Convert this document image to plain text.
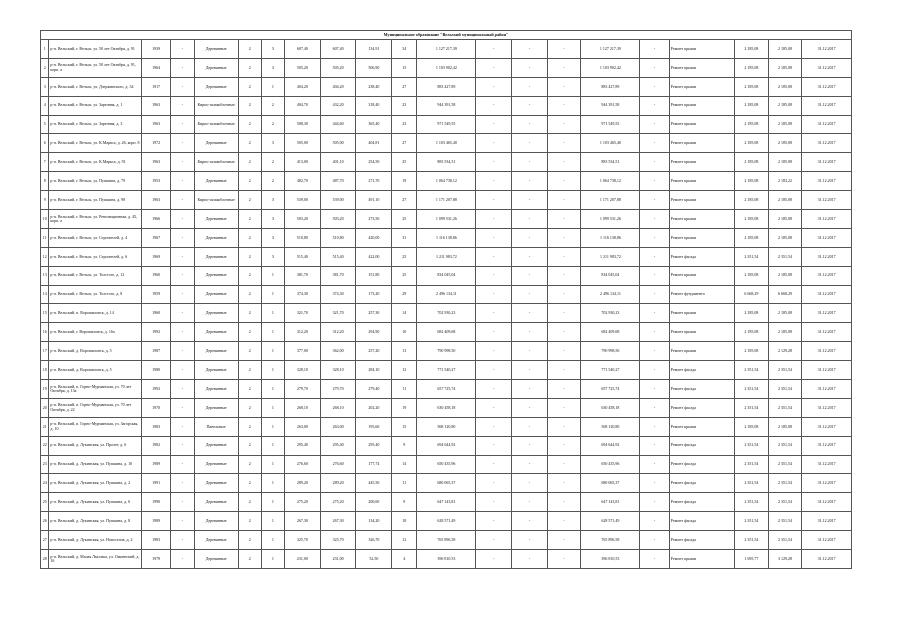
Муниципальное образование "Вельский муниципальный район"																				
1	р-п. Вельский, г. Вельск, ул. 50 лет Октября, д. 91	1939	-	Деревянные	2	3	607,40	607,40	134,91	34	1 127 217,39	-	-	-	1 127 217,39	-	Ремонт крыши	2 185,08	2 185,08	31.12.2017
2	р-п. Вельский, г. Вельск, ул. 50 лет Октября, д. 91, корп. а	1964	-	Деревянные	2	3	505,20	505,20	506,90	15	1 103 902,42	-	-	-	1 103 902,42	-	Ремонт крыши	2 185,08	2 185,08	31.12.2017
3	р-п. Вельский, г. Вельск, ул. Дзержинского, д. 34	1917	-	Деревянные	2	1	404,20	404,20	238,40	27	883 427,89	-	-	-	883 427,89	-	Ремонт крыши	2 185,08	2 185,08	31.12.2017
4	р-п. Вельский, г. Вельск, ул. Заречная, д. 1	1963	-	Кирпо-шлакоблочные	2	2	404,70	432,20	318,40	23	944 391,58	-	-	-	944 391,58	-	Ремонт крыши	2 185,08	2 185,08	31.12.2017
5	р-п. Вельский, г. Вельск, ул. Заречная, д. 3	1963	-	Кирпо-шлакоблочные	2	2	508,30	444,60	365,40	23	971 549,55	-	-	-	971 549,55	-	Ремонт крыши	2 185,08	2 185,08	31.12.2017
6	р-п. Вельский, г. Вельск, ул. К.Маркса, д. 26, корп. 8	1972	-	Деревянные	2	3	505,00	505,00	404,81	27	1 103 465,40	-	-	-	1 103 465,40	-	Ремонт крыши	2 185,08	2 185,08	31.12.2017
7	р-п. Вельский, г. Вельск, ул. К.Маркса, д. 91	1963	-	Кирпо-шлакоблочные	2	2	413,00	401,10	254,50	25	883 534,51	-	-	-	883 534,51	-	Ремонт крыши	2 185,08	2 185,08	31.12.2017
8	р-п. Вельский, г. Вельск, ул. Пушкина, д. 79	1953	-	Деревянные	2	2	482,70	487,70	271,70	19	1 064 738,12	-	-	-	1 064 738,12	-	Ремонт крыши	2 185,08	2 183,22	31.12.2017
9	р-п. Вельский, г. Вельск, ул. Пушкина, д. 98	1963	-	Кирпо-шлакоблочные	2	3	539,00	539,00	491,10	27	1 171 207,88	-	-	-	1 171 207,88	-	Ремонт крыши	2 185,08	2 185,08	31.12.2017
10	р-п. Вельский, г. Вельск, ул. Революционная, д. 45, корп. а	1966	-	Деревянные	2	3	503,20	503,20	273,50	25	1 099 531,26	-	-	-	1 099 531,26	-	Ремонт крыши	2 185,08	2 185,08	31.12.2017
11	р-п. Вельский, г. Вельск, ул. Строителей, д. 4	1967	-	Деревянные	2	3	510,80	510,80	420,00	31	1 116 138,86	-	-	-	1 116 138,86	-	Ремонт крыши	2 185,08	2 185,08	31.12.2017
12	р-п. Вельский, г. Вельск, ул. Строителей, д. 6	1969	-	Деревянные	2	3	515,40	515,40	422,00	25	1 211 983,72	-	-	-	1 211 983,72	-	Ремонт фасада	2 351,54	2 351,54	31.12.2017
13	р-п. Вельский, г. Вельск, ул. Толстого, д. 12	1960	-	Деревянные	2	1	381,70	381,70	151,80	25	834 045,04	-	-	-	834 045,04	-	Ремонт крыши	2 185,08	2 185,08	31.12.2017
14	р-п. Вельский, г. Вельск, ул. Толстого, д. 8	1959	-	Деревянные	2	1	374,30	374,30	173,20	29	2 496 134,11	-	-	-	2 496 134,11	-	Ремонт фундамента	6 668,29	6 668,29	31.12.2017
15	р-п. Вельский, п. Ворошиловск, д. 14	1960	-	Деревянные	2	1	321,70	321,70	257,30	14	702 930,23	-	-	-	702 930,23	-	Ремонт крыши	2 185,08	2 185,08	31.12.2017
16	р-п. Вельский, г. Ворошиловск, д. 16а	1992	-	Деревянные	2	1	312,20	312,20	294,90	10	682 409,68	-	-	-	682 409,68	-	Ремонт крыши	2 185,08	2 185,08	31.12.2017
17	р-п. Вельский, д. Ворошиловск, д. 5	1987	-	Деревянные	2	1	377,00	362,00	257,20	13	790 998,50	-	-	-	790 998,50	-	Ремонт крыши	2 185,08	2 129,28	31.12.2017
18	р-п. Вельский, д. Ворошиловск, д. 5	1980	-	Деревянные	2	1	328,10	328,10	284,10	12	771 540,27	-	-	-	771 540,27	-	Ремонт фасада	2 351,54	2 351,54	31.12.2017
19	р-п. Вельский, п. Горно-Мурманская, ул. 70 лет Октября, д. 13а	1992	-	Деревянные	2	1	279,70	279,70	279,40	11	657 725,74	-	-	-	657 725,74	-	Ремонт фасада	2 351,54	2 351,54	31.12.2017
20	р-п. Вельский, п. Горно-Мурманская, ул. 70 лет Октября, д. 22	1970	-	Деревянные	2	1	268,10	268,10	202,20	19	630 458,18	-	-	-	630 458,18	-	Ремонт фасада	2 351,54	2 351,54	31.12.2017
21	р-п. Вельский, п. Горно-Мурманская, ул. Загорская, д. 10	1983	-	Панельные	2	1	263,00	263,00	195,60	15	568 120,80	-	-	-	568 120,80	-	Ремонт крыши	2 185,08	2 185,08	31.12.2017
22	р-п. Вельский, д. Лукинская, ул. Пролет, д. 6	1982	-	Деревянные	2	1	295,40	295,40	295,40	9	694 644,92	-	-	-	694 644,92	-	Ремонт фасада	2 351,54	2 351,54	31.12.2017
23	р-п. Вельский, д. Лукинская, ул. Пушкина, д. 10	1989	-	Деревянные	2	1	276,60	276,60	177,74	14	650 435,96	-	-	-	650 435,96	-	Ремонт фасада	2 351,54	2 351,54	31.12.2017
24	р-п. Вельский, д. Лукинская, ул. Пушкина, д. 2	1991	-	Деревянные	2	1	289,20	289,20	445,50	11	680 065,37	-	-	-	680 065,37	-	Ремонт фасада	2 351,54	2 351,54	31.12.2017
25	р-п. Вельский, д. Лукинская, ул. Пушкина, д. 6	1990	-	Деревянные	2	1	275,20	275,20	200,60	9	647 143,81	-	-	-	647 143,81	-	Ремонт фасада	2 351,54	2 351,54	31.12.2017
26	р-п. Вельский, д. Лукинская, ул. Пушкина, д. 8	1989	-	Деревянные	2	1	267,30	267,30	134,20	18	628 571,49	-	-	-	628 571,49	-	Ремонт фасада	2 351,54	2 351,54	31.12.2017
27	р-п. Вельский, д. Лукинская, ул. Новоселов, д. 2	1983	-	Деревянные	2	1	325,70	325,70	326,70	12	765 896,58	-	-	-	765 896,58	-	Ремонт фасада	2 351,54	2 351,54	31.12.2017
28	р-п. Вельский, д. Малая Лысовка, ул. Ожиенский, д. 16	1979	-	Деревянные	2	1	231,00	231,00	52,50	4	396 810,53	-	-	-	396 810,53	-	Ремонт крыши	1 695,77	3 129,28	31.12.2017
